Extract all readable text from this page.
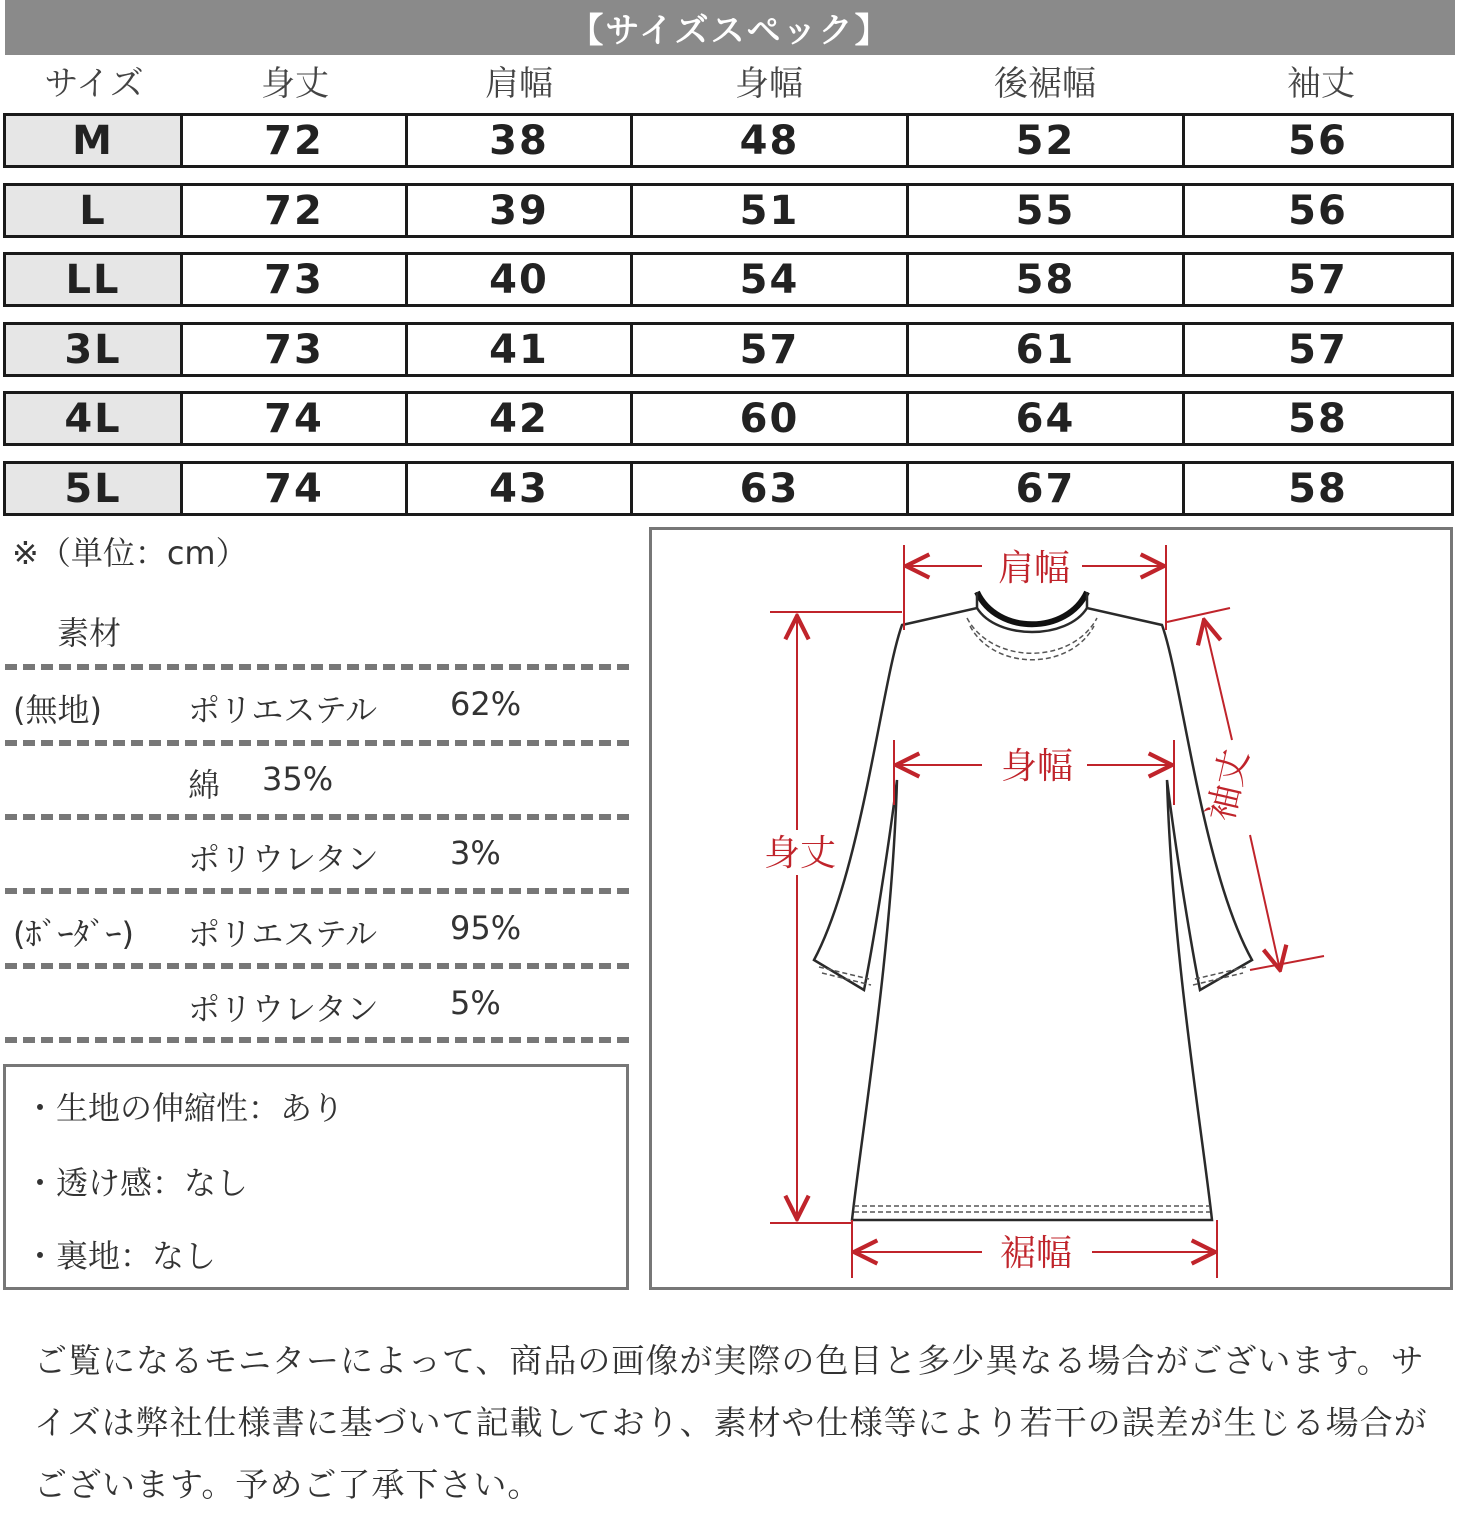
【サイズスペック】
サイズ	身丈	肩幅	身幅	後裾幅	袖丈
M	72	38	48	52	56
L	72	39	51	55	56
LL	73	40	54	58	57
3L	73	41	57	61	57
4L	74	42	60	64	58
5L	74	43	63	67	58
※（単位：cm）
素材
(無地)	ポリエステル 62%
綿 35%
ポリウレタン 3%
(ﾎﾞｰﾀﾞｰ) ポリエステル 95%
ポリウレタン 5%
・生地の伸縮性：あり
・透け感：なし
・裏地：なし
肩幅
身幅
身丈
袖丈
裾幅
ご覧になるモニターによって、商品の画像が実際の色目と多少異なる場合がございます。サイズは弊社仕様書に基づいて記載しており、素材や仕様等により若干の誤差が生じる場合がございます。予めご了承下さい。
